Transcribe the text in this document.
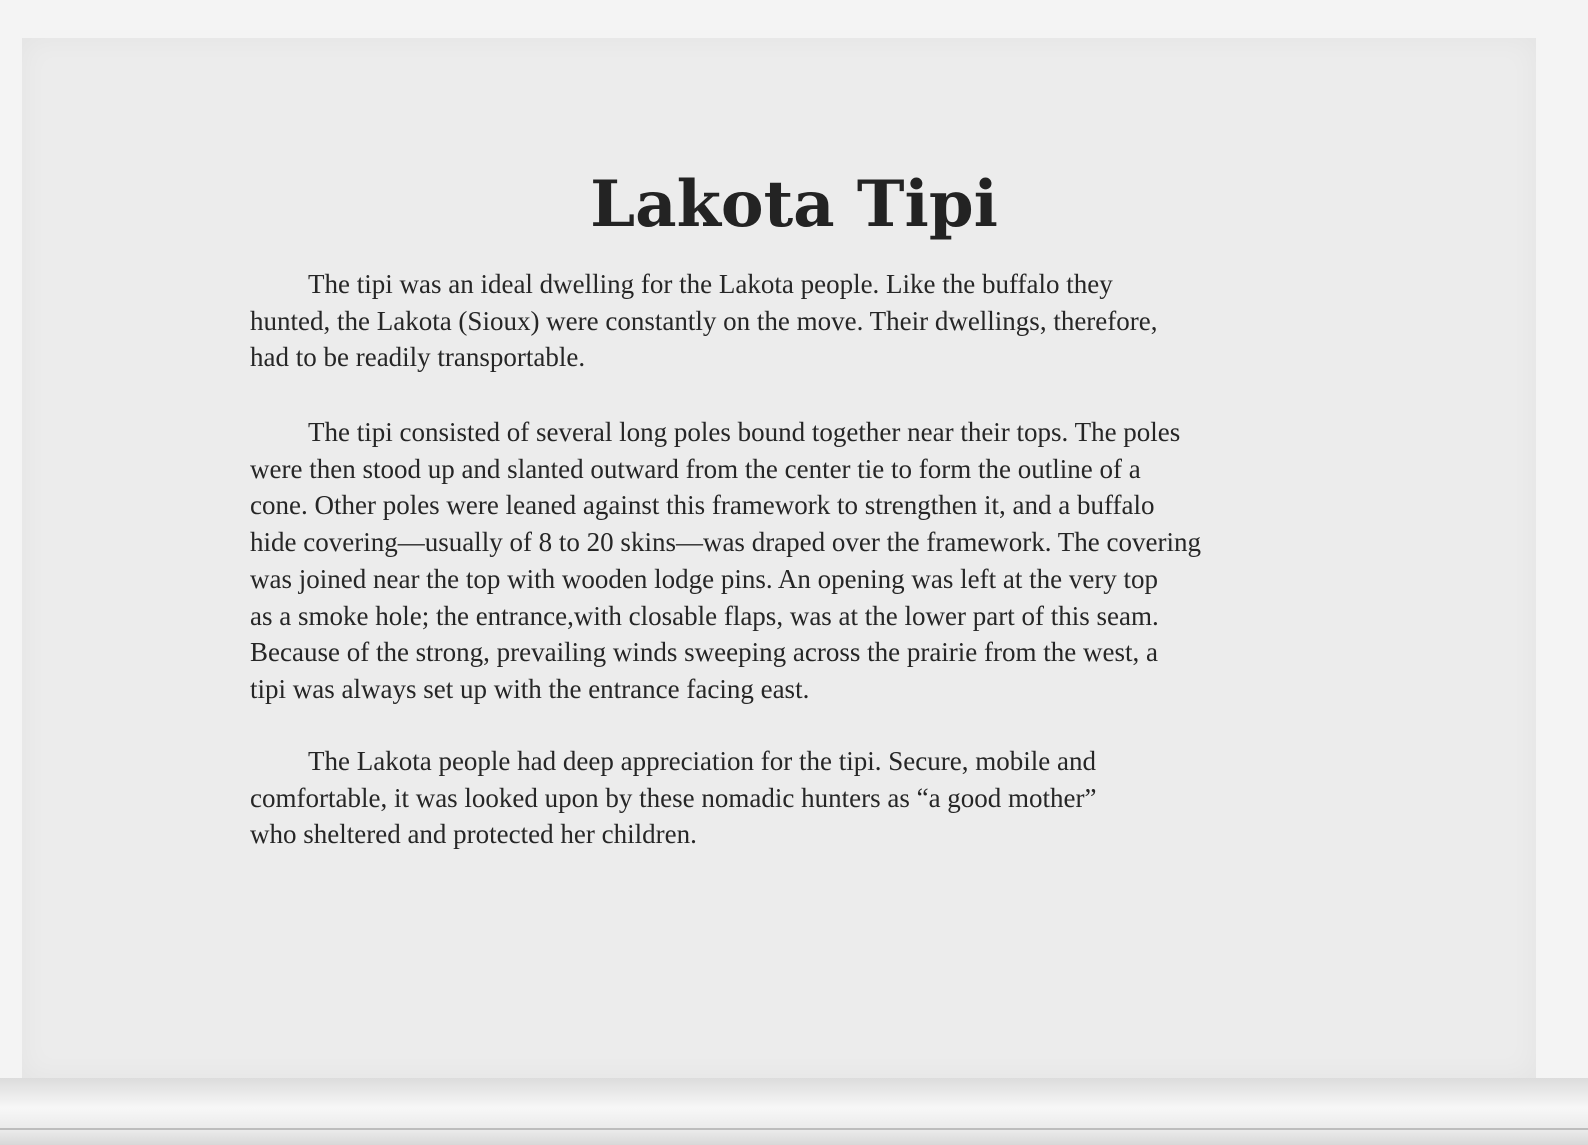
Lakota Tipi

The tipi was an ideal dwelling for the Lakota people. Like the buffalo they
hunted, the Lakota (Sioux) were constantly on the move. Their dwellings, therefore,
had to be readily transportable.

The tipi consisted of several long poles bound together near their tops. The poles
were then stood up and slanted outward from the center tie to form the outline of a
cone. Other poles were leaned against this framework to strengthen it, and a buffalo
hide covering—usually of 8 to 20 skins—was draped over the framework. The covering
was joined near the top with wooden lodge pins. An opening was left at the very top
as a smoke hole; the entrance,with closable flaps, was at the lower part of this seam.
Because of the strong, prevailing winds sweeping across the prairie from the west, a
tipi was always set up with the entrance facing east.

The Lakota people had deep appreciation for the tipi. Secure, mobile and
comfortable, it was looked upon by these nomadic hunters as “a good mother”
who sheltered and protected her children.
